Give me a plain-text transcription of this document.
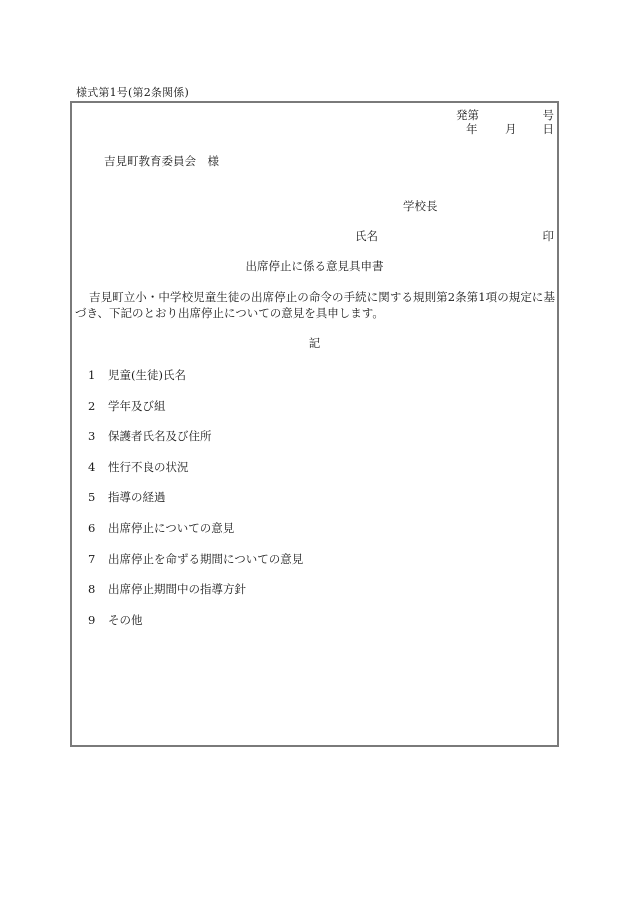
様式第1号(第2条関係)
発第	号
年 月 日
吉見町教育委員会　様
学校長
氏名	印
出席停止に係る意見具申書
吉見町立小・中学校児童生徒の出席停止の命令の手続に関する規則第2条第1項の規定に基づき、下記のとおり出席停止についての意見を具申します。
記
1 児童(生徒)氏名
2 学年及び組
3 保護者氏名及び住所
4 性行不良の状況
5 指導の経過
6 出席停止についての意見
7 出席停止を命ずる期間についての意見
8 出席停止期間中の指導方針
9 その他
